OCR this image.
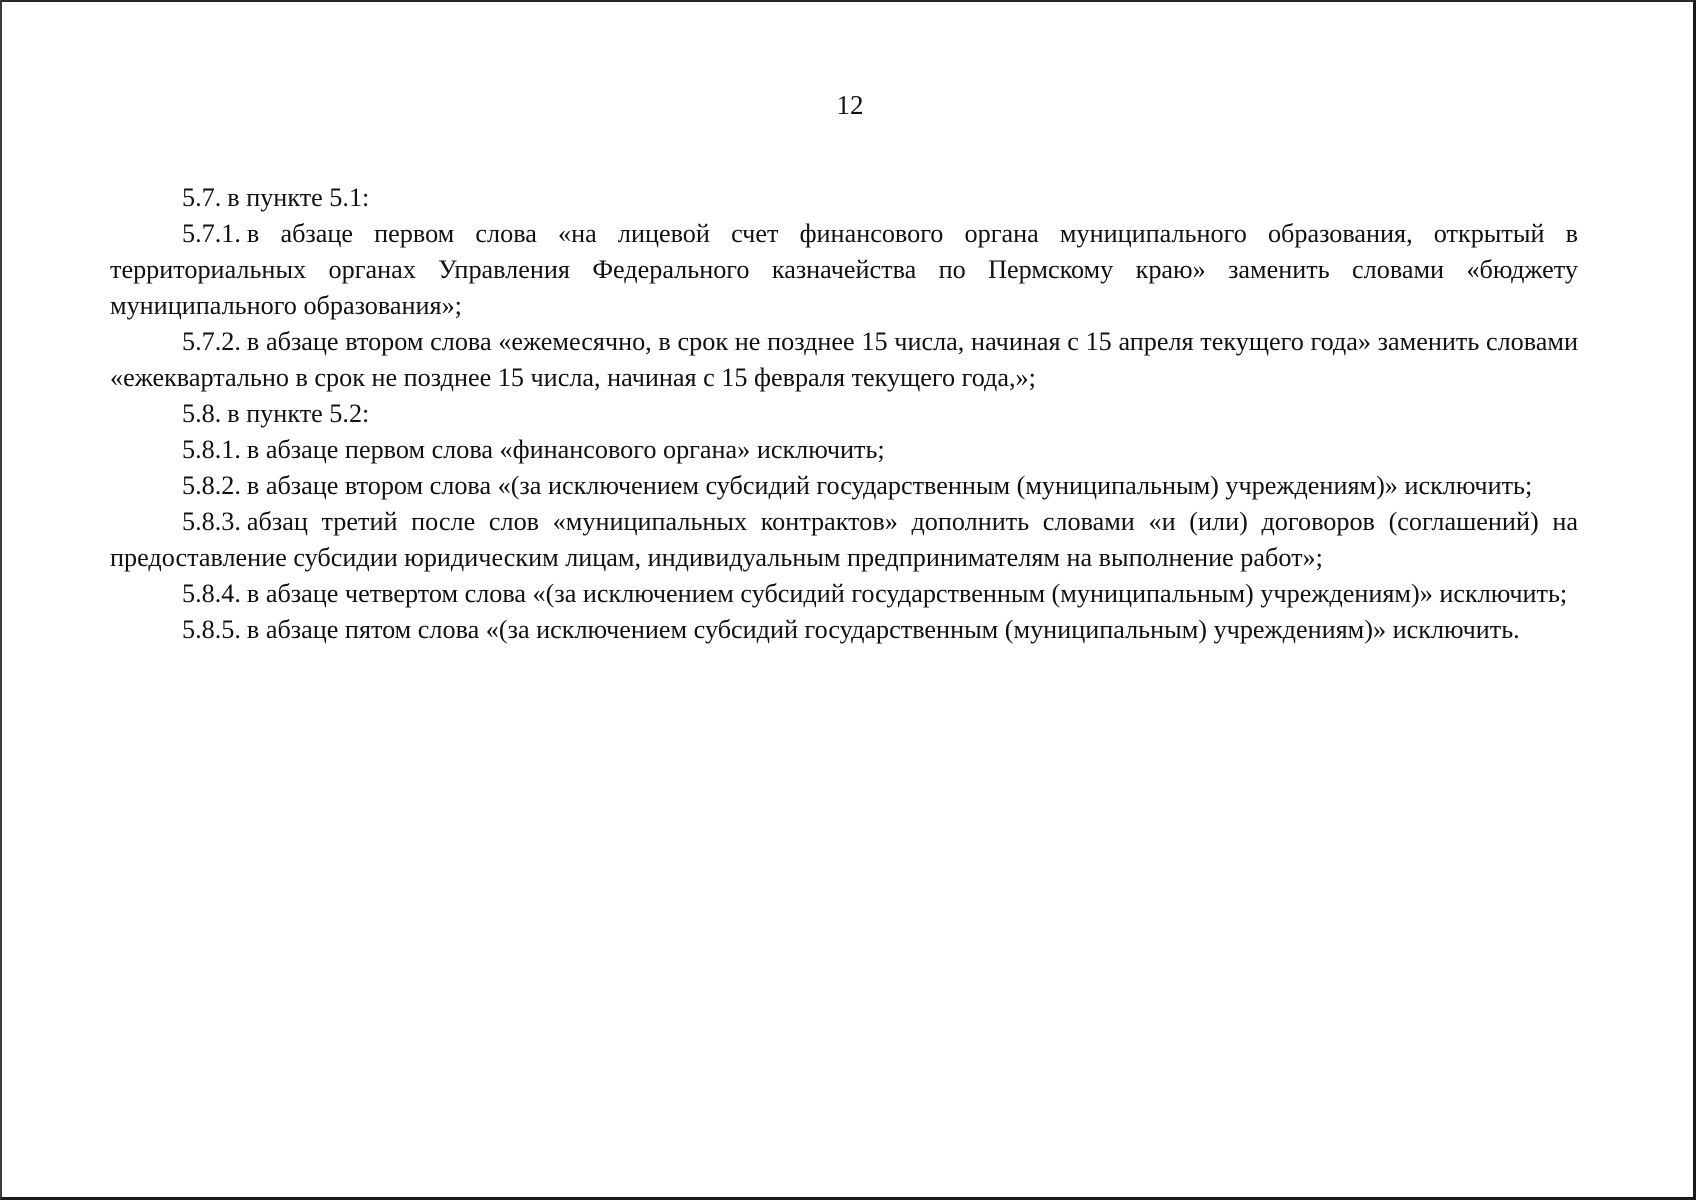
12

5.7. в пункте 5.1:

5.7.1. в абзаце первом слова «на лицевой счет финансового органа муниципального образования, открытый в территориальных органах Управления Федерального казначейства по Пермскому краю» заменить словами «бюджету муниципального образования»;

5.7.2. в абзаце втором слова «ежемесячно, в срок не позднее 15 числа, начиная с 15 апреля текущего года» заменить словами «ежеквартально в срок не позднее 15 числа, начиная с 15 февраля текущего года,»;

5.8. в пункте 5.2:

5.8.1. в абзаце первом слова «финансового органа» исключить;

5.8.2. в абзаце втором слова «(за исключением субсидий государственным (муниципальным) учреждениям)» исключить;

5.8.3. абзац третий после слов «муниципальных контрактов» дополнить словами «и (или) договоров (соглашений) на предоставление субсидии юридическим лицам, индивидуальным предпринимателям на выполнение работ»;

5.8.4. в абзаце четвертом слова «(за исключением субсидий государственным (муниципальным) учреждениям)» исключить;

5.8.5. в абзаце пятом слова «(за исключением субсидий государственным (муниципальным) учреждениям)» исключить.
